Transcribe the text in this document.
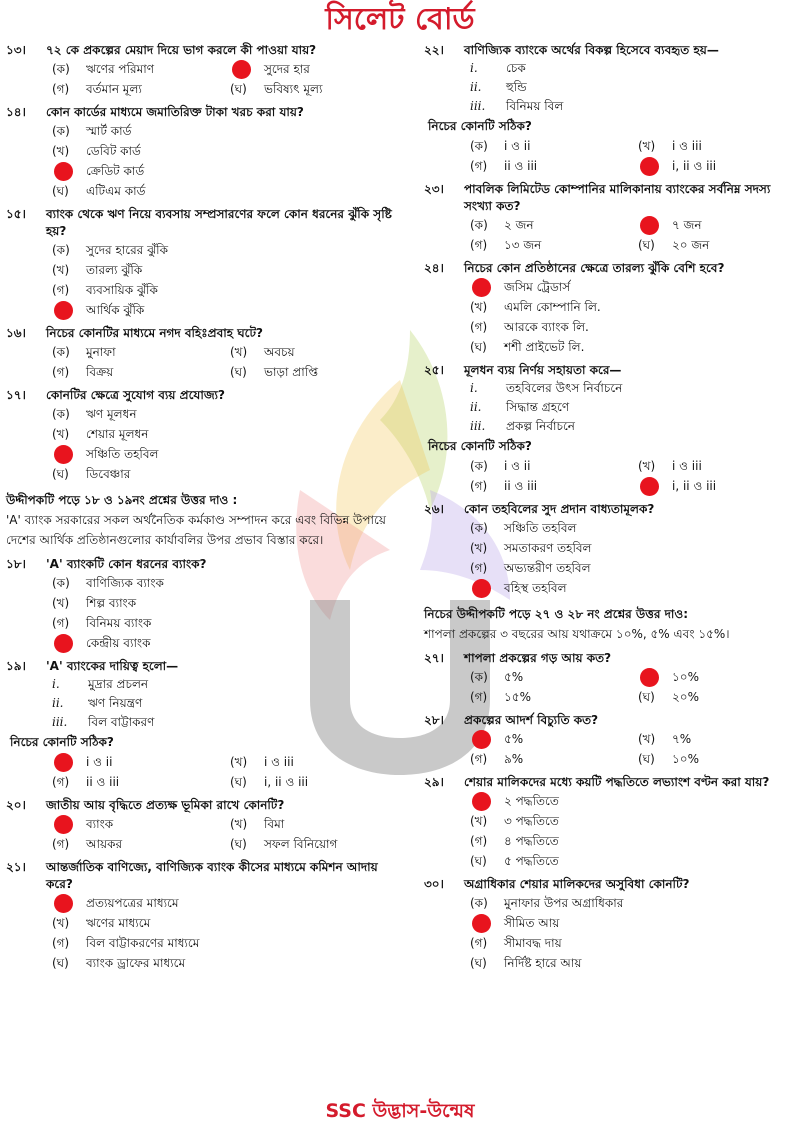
সিলেট বোর্ড
১৩।	৭২ কে প্রকল্পের মেয়াদ দিয়ে ভাগ করলে কী পাওয়া যায়?
(ক)	ঋণের পরিমাণ	সুদের হার
(গ)	বর্তমান মূল্য	(ঘ)	ভবিষ্যৎ মূল্য
১৪।	কোন কার্ডের মাধ্যমে জমাতিরিক্ত টাকা খরচ করা যায়?
(ক)	স্মার্ট কার্ড
(খ)	ডেবিট কার্ড
ক্রেডিট কার্ড
(ঘ)	এটিএম কার্ড
১৫।	ব্যাংক থেকে ঋণ নিয়ে ব্যবসায় সম্প্রসারণের ফলে কোন ধরনের ঝুঁকি সৃষ্টি হয়?
(ক)	সুদের হারের ঝুঁকি
(খ)	তারল্য ঝুঁকি
(গ)	ব্যবসায়িক ঝুঁকি
আর্থিক ঝুঁকি
১৬।	নিচের কোনটির মাধ্যমে নগদ বহিঃপ্রবাহ ঘটে?
(ক)	মুনাফা	(খ)	অবচয়
(গ)	বিক্রয়	(ঘ)	ভাড়া প্রাপ্তি
১৭।	কোনটির ক্ষেত্রে সুযোগ ব্যয় প্রযোজ্য?
(ক)	ঋণ মূলধন
(খ)	শেয়ার মূলধন
সঞ্চিতি তহবিল
(ঘ)	ডিবেঞ্চার
উদ্দীপকটি পড়ে ১৮ ও ১৯নং প্রশ্নের উত্তর দাও :

'A' ব্যাংক সরকারের সকল অর্থনৈতিক কর্মকাণ্ড সম্পাদন করে এবং বিভিন্ন উপায়ে দেশের আর্থিক প্রতিষ্ঠানগুলোর কার্যাবলির উপর প্রভাব বিস্তার করে।

১৮।	'A' ব্যাংকটি কোন ধরনের ব্যাংক?
(ক)	বাণিজ্যিক ব্যাংক
(খ)	শিল্প ব্যাংক
(গ)	বিনিময় ব্যাংক
কেন্দ্রীয় ব্যাংক
১৯।	'A' ব্যাংকের দায়িত্ব হলো—
i.	মুদ্রার প্রচলন
ii.	ঋণ নিয়ন্ত্রণ
iii.	বিল বাট্টাকরণ
নিচের কোনটি সঠিক?
i ও ii	(খ)	i ও iii
(গ)	ii ও iii	(ঘ)	i, ii ও iii
২০।	জাতীয় আয় বৃদ্ধিতে প্রত্যক্ষ ভূমিকা রাখে কোনটি?
ব্যাংক	(খ)	বিমা
(গ)	আয়কর	(ঘ)	সফল বিনিয়োগ
২১।	আন্তর্জাতিক বাণিজ্যে, বাণিজ্যিক ব্যাংক কীসের মাধ্যমে কমিশন আদায় করে?
প্রত্যয়পত্রের মাধ্যমে
(খ)	ঋণের মাধ্যমে
(গ)	বিল বাট্টাকরণের মাধ্যমে
(ঘ)	ব্যাংক ড্রাফের মাধ্যমে
২২।	বাণিজ্যিক ব্যাংকে অর্থের বিকল্প হিসেবে ব্যবহৃত হয়—
i.	চেক
ii.	হুন্ডি
iii.	বিনিময় বিল
নিচের কোনটি সঠিক?
(ক)	i ও ii	(খ)	i ও iii
(গ)	ii ও iii	i, ii ও iii
২৩।	পাবলিক লিমিটেড কোম্পানির মালিকানায় ব্যাংকের সর্বনিম্ন সদস্য সংখ্যা কত?
(ক)	২ জন	৭ জন
(গ)	১৩ জন	(ঘ)	২০ জন
২৪।	নিচের কোন প্রতিষ্ঠানের ক্ষেত্রে তারল্য ঝুঁকি বেশি হবে?
জসিম ট্রেডার্স
(খ)	এমলি কোম্পানি লি.
(গ)	আরকে ব্যাংক লি.
(ঘ)	শশী প্রাইভেট লি.
২৫।	মূলধন ব্যয় নির্ণয় সহায়তা করে—
i.	তহবিলের উৎস নির্বাচনে
ii.	সিদ্ধান্ত গ্রহণে
iii.	প্রকল্প নির্বাচনে
নিচের কোনটি সঠিক?
(ক)	i ও ii	(খ)	i ও iii
(গ)	ii ও iii	i, ii ও iii
২৬।	কোন তহবিলের সুদ প্রদান বাধ্যতামূলক?
(ক)	সঞ্চিতি তহবিল
(খ)	সমতাকরণ তহবিল
(গ)	অভ্যন্তরীণ তহবিল
বহিস্থ তহবিল
নিচের উদ্দীপকটি পড়ে ২৭ ও ২৮ নং প্রশ্নের উত্তর দাও:

শাপলা প্রকল্পের ৩ বছরের আয় যথাক্রমে ১০%, ৫% এবং ১৫%।

২৭।	শাপলা প্রকল্পের গড় আয় কত?
(ক)	৫%	১০%
(গ)	১৫%	(ঘ)	২০%
২৮।	প্রকল্পের আদর্শ বিচ্যুতি কত?
৫%	(খ)	৭%
(গ)	৯%	(ঘ)	১০%
২৯।	শেয়ার মালিকদের মধ্যে কয়টি পদ্ধতিতে লভ্যাংশ বণ্টন করা যায়?
২ পদ্ধতিতে
(খ)	৩ পদ্ধতিতে
(গ)	৪ পদ্ধতিতে
(ঘ)	৫ পদ্ধতিতে
৩০।	অগ্রাধিকার শেয়ার মালিকদের অসুবিধা কোনটি?
(ক)	মুনাফার উপর অগ্রাধিকার
সীমিত আয়
(গ)	সীমাবদ্ধ দায়
(ঘ)	নির্দিষ্ট হারে আয়
SSC উদ্ভাস-উন্মেষ
